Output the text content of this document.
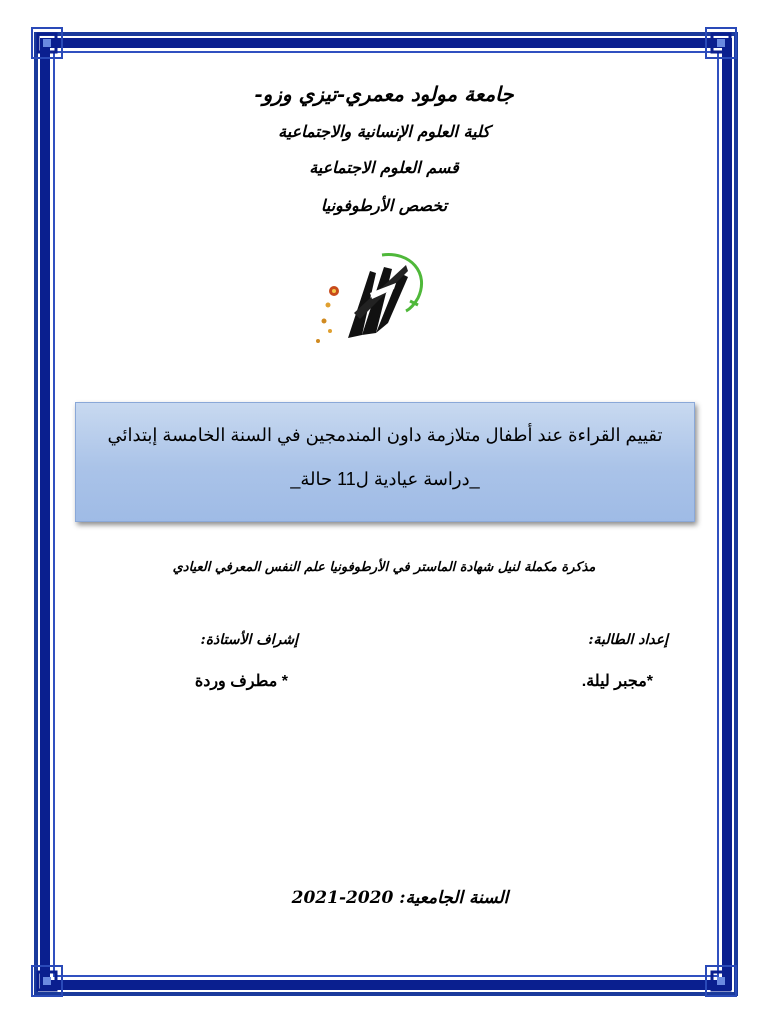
جامعة مولود معمري-تيزي وزو-
كلية العلوم الإنسانية والاجتماعية
قسم العلوم الاجتماعية
تخصص الأرطوفونيا
تقييم القراءة عند أطفال متلازمة داون المندمجين في السنة الخامسة إبتدائي
_دراسة عيادية ل11 حالة_
مذكرة مكملة لنيل شهادة الماستر في الأرطوفونيا علم النفس المعرفي العيادي
إعداد الطالبة:
إشراف الأستاذة:
*مجبر ليلة.
* مطرف وردة
السنة الجامعية: 2020-2021
